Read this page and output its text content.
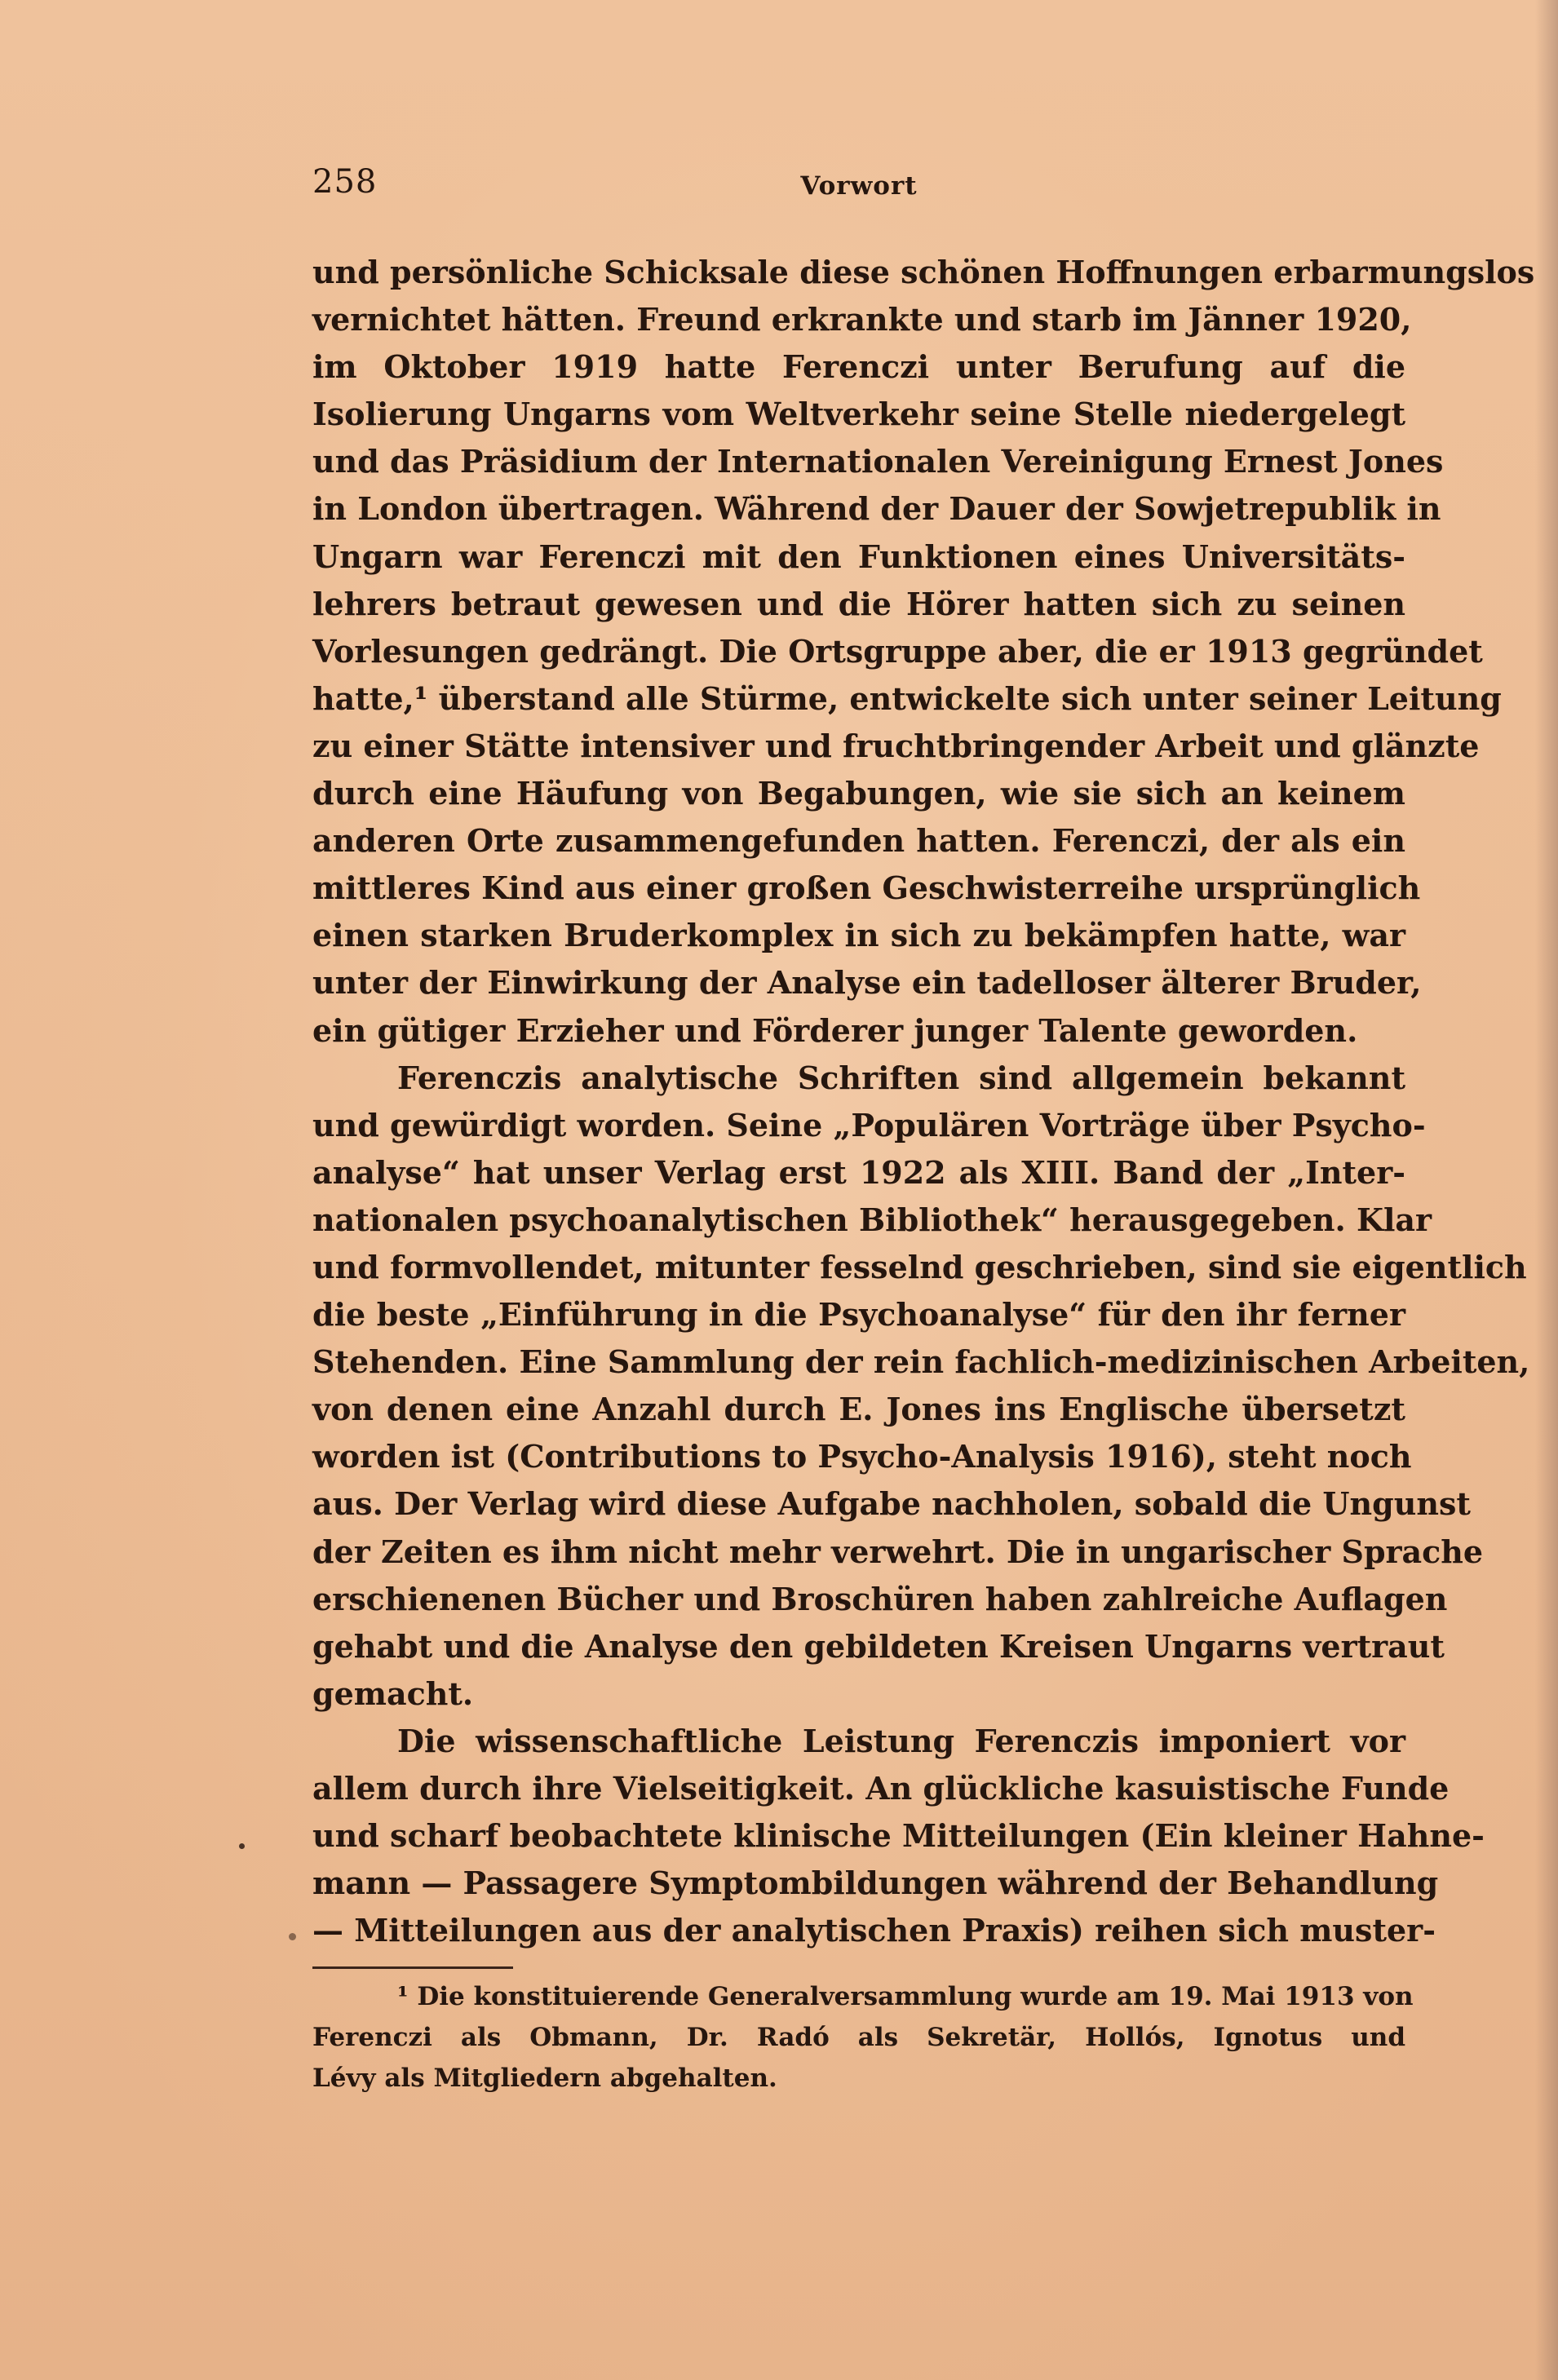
258	Vorwort
und persönliche Schicksale diese schönen Hoffnungen erbarmungslos
vernichtet hätten. Freund erkrankte und starb im Jänner 1920,
im Oktober 1919 hatte Ferenczi unter Berufung auf die
Isolierung Ungarns vom Weltverkehr seine Stelle niedergelegt
und das Präsidium der Internationalen Vereinigung Ernest Jones
in London übertragen. Während der Dauer der Sowjetrepublik in
Ungarn war Ferenczi mit den Funktionen eines Universitäts-
lehrers betraut gewesen und die Hörer hatten sich zu seinen
Vorlesungen gedrängt. Die Ortsgruppe aber, die er 1913 gegründet
hatte,¹ überstand alle Stürme, entwickelte sich unter seiner Leitung
zu einer Stätte intensiver und fruchtbringender Arbeit und glänzte
durch eine Häufung von Begabungen, wie sie sich an keinem
anderen Orte zusammengefunden hatten. Ferenczi, der als ein
mittleres Kind aus einer großen Geschwisterreihe ursprünglich
einen starken Bruderkomplex in sich zu bekämpfen hatte, war
unter der Einwirkung der Analyse ein tadelloser älterer Bruder,
ein gütiger Erzieher und Förderer junger Talente geworden.
Ferenczis analytische Schriften sind allgemein bekannt
und gewürdigt worden. Seine „Populären Vorträge über Psycho-
analyse“ hat unser Verlag erst 1922 als XIII. Band der „Inter-
nationalen psychoanalytischen Bibliothek“ herausgegeben. Klar
und formvollendet, mitunter fesselnd geschrieben, sind sie eigentlich
die beste „Einführung in die Psychoanalyse“ für den ihr ferner
Stehenden. Eine Sammlung der rein fachlich-medizinischen Arbeiten,
von denen eine Anzahl durch E. Jones ins Englische übersetzt
worden ist (Contributions to Psycho-Analysis 1916), steht noch
aus. Der Verlag wird diese Aufgabe nachholen, sobald die Ungunst
der Zeiten es ihm nicht mehr verwehrt. Die in ungarischer Sprache
erschienenen Bücher und Broschüren haben zahlreiche Auflagen
gehabt und die Analyse den gebildeten Kreisen Ungarns vertraut
gemacht.
Die wissenschaftliche Leistung Ferenczis imponiert vor
allem durch ihre Vielseitigkeit. An glückliche kasuistische Funde
und scharf beobachtete klinische Mitteilungen (Ein kleiner Hahne-
mann — Passagere Symptombildungen während der Behandlung
— Mitteilungen aus der analytischen Praxis) reihen sich muster-
¹ Die konstituierende Generalversammlung wurde am 19. Mai 1913 von
Ferenczi als Obmann, Dr. Radó als Sekretär, Hollós, Ignotus und
Lévy als Mitgliedern abgehalten.
